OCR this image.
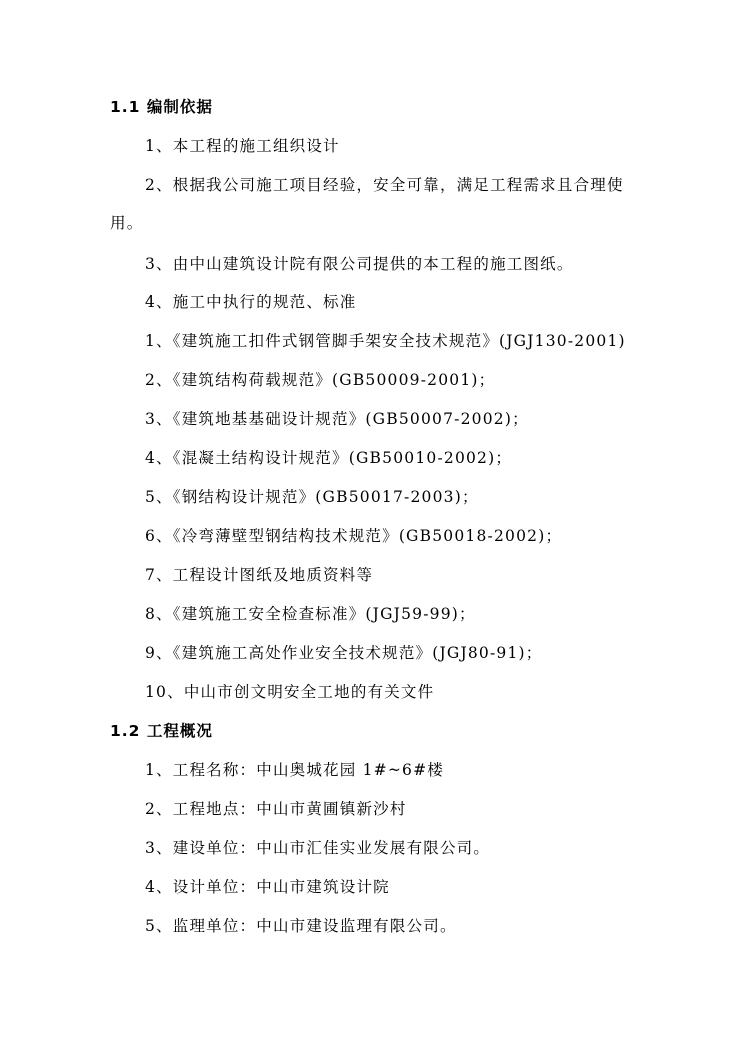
1.1 编制依据
1、本工程的施工组织设计
2、根据我公司施工项目经验，安全可靠，满足工程需求且合理使
用。
3、由中山建筑设计院有限公司提供的本工程的施工图纸。
4、施工中执行的规范、标准
1、《建筑施工扣件式钢管脚手架安全技术规范》(JGJ130-2001)
2、《建筑结构荷载规范》(GB50009-2001)；
3、《建筑地基基础设计规范》(GB50007-2002)；
4、《混凝土结构设计规范》(GB50010-2002)；
5、《钢结构设计规范》(GB50017-2003)；
6、《冷弯薄壁型钢结构技术规范》(GB50018-2002)；
7、工程设计图纸及地质资料等
8、《建筑施工安全检查标准》(JGJ59-99)；
9、《建筑施工高处作业安全技术规范》(JGJ80-91)；
10、中山市创文明安全工地的有关文件
1.2 工程概况
1、工程名称：中山奥城花园 1#~6#楼
2、工程地点：中山市黄圃镇新沙村
3、建设单位：中山市汇佳实业发展有限公司。
4、设计单位：中山市建筑设计院
5、监理单位：中山市建设监理有限公司。
